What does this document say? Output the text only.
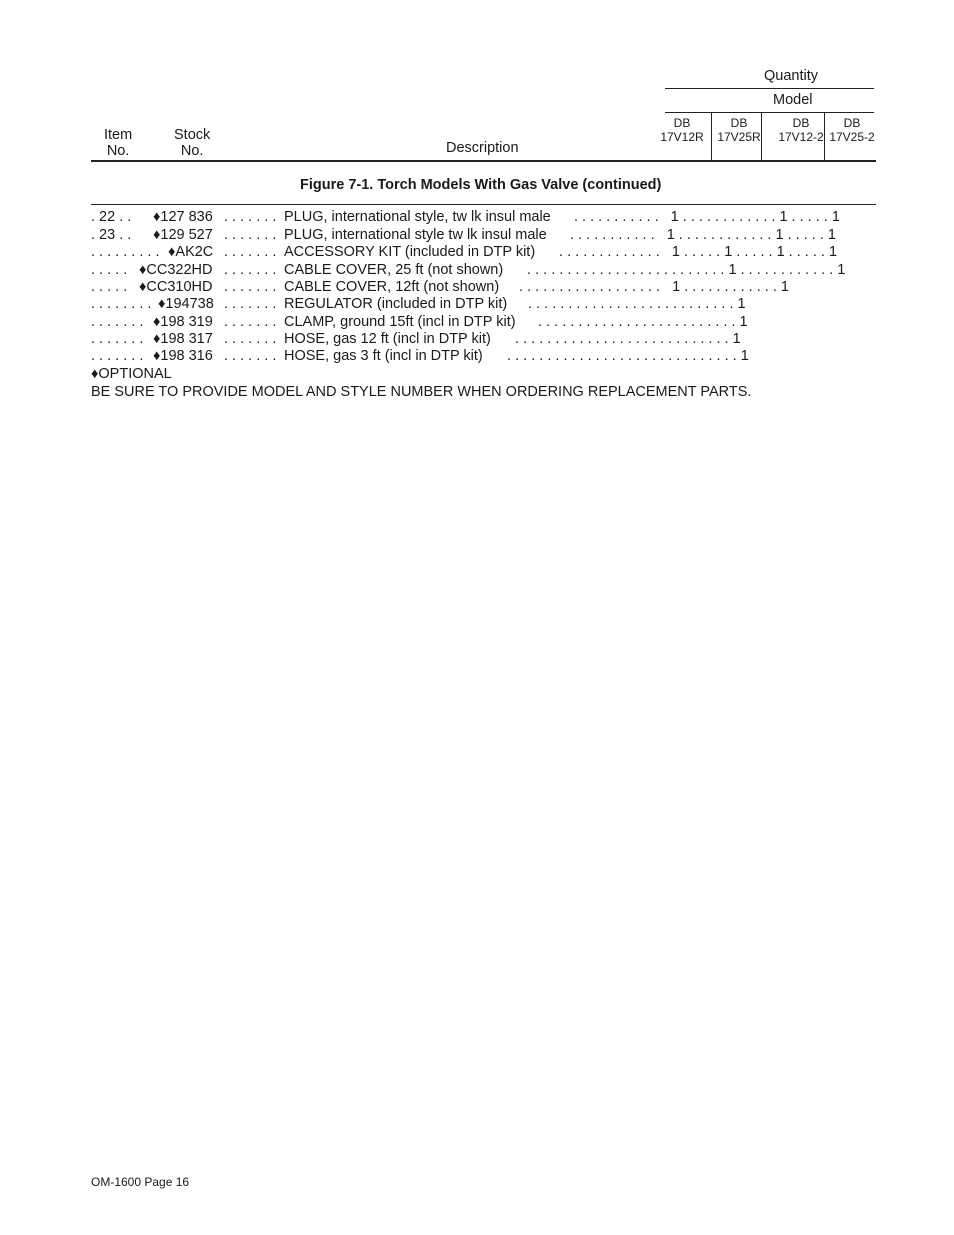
Quantity
Model
DB
17V12R
DB
17V25R
DB
17V12-2
DB
17V25-2
Item
No.
Stock
No.	Description
Figure 7-1. Torch Models With Gas Valve (continued)
. 22 . . ♦127 836 . . . . . . . PLUG, international style, tw lk insul male . . . . . . . . . . .   1 . . . . . . . . . . . . 1 . . . . . 1
. 23 . . ♦129 527 . . . . . . . PLUG, international style tw lk insul male . . . . . . . . . . .   1 . . . . . . . . . . . . 1 . . . . . 1
. . . . . . . . . ♦AK2C . . . . . . . ACCESSORY KIT (included in DTP kit) . . . . . . . . . . . . .   1 . . . . . 1 . . . . . 1 . . . . . 1
. . . . . ♦CC322HD . . . . . . . CABLE COVER, 25 ft (not shown) . . . . . . . . . . . . . . . . . . . . . . . . . 1 . . . . . . . . . . . . 1
. . . . . ♦CC310HD . . . . . . . CABLE COVER, 12ft (not shown) . . . . . . . . . . . . . . . . . .   1 . . . . . . . . . . . . 1
. . . . . . . . ♦194738 . . . . . . . REGULATOR (included in DTP kit) . . . . . . . . . . . . . . . . . . . . . . . . . . 1
. . . . . . . ♦198 319 . . . . . . . CLAMP, ground 15ft (incl in DTP kit) . . . . . . . . . . . . . . . . . . . . . . . . . 1
. . . . . . . ♦198 317 . . . . . . . HOSE, gas 12 ft (incl in DTP kit) . . . . . . . . . . . . . . . . . . . . . . . . . . . 1
. . . . . . . ♦198 316 . . . . . . . HOSE, gas 3 ft (incl in DTP kit) . . . . . . . . . . . . . . . . . . . . . . . . . . . . . 1
♦OPTIONAL
BE SURE TO PROVIDE MODEL AND STYLE NUMBER WHEN ORDERING REPLACEMENT PARTS.
OM-1600 Page 16
